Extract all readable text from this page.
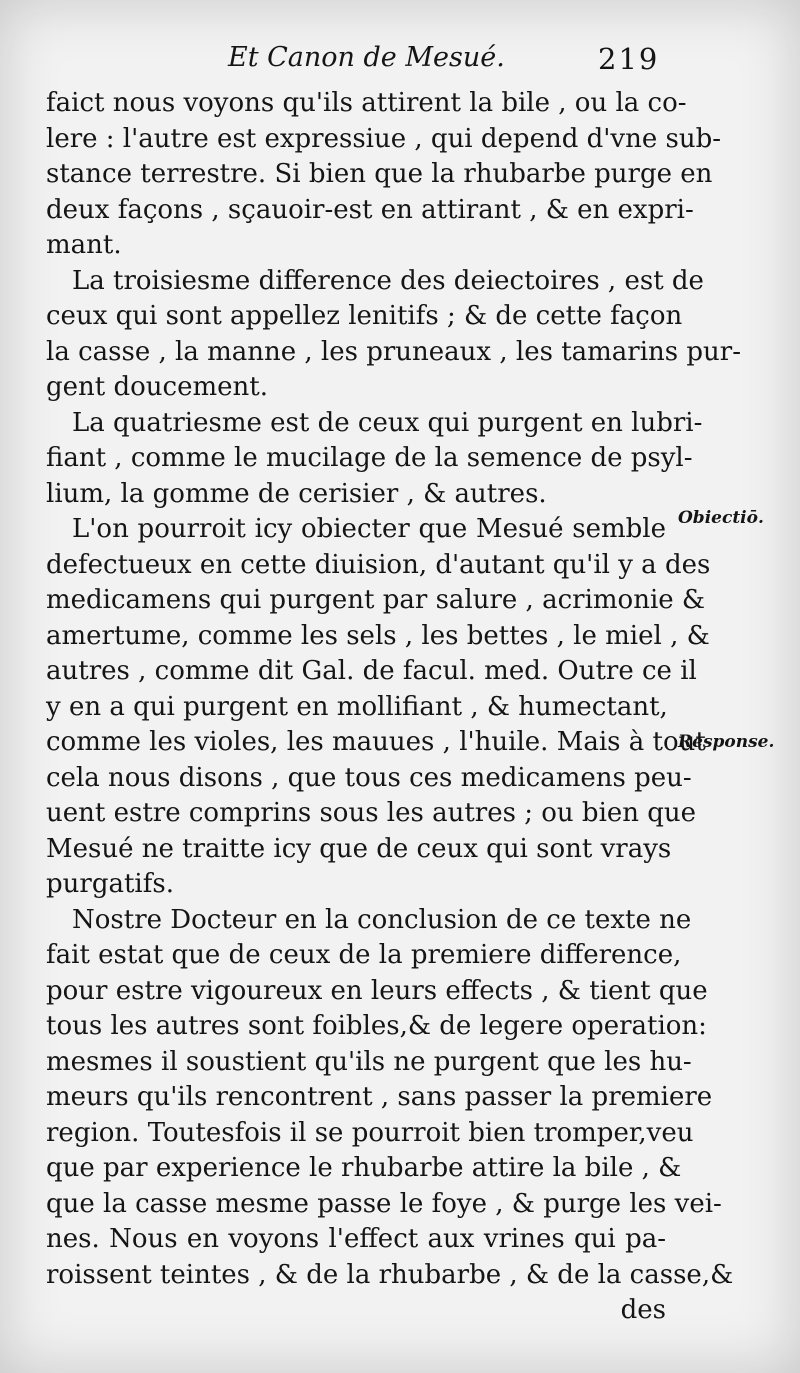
Et Canon de Mesué.	219
faict nous voyons qu'ils attirent la bile , ou la co-
lere : l'autre est expressiue , qui depend d'vne sub-
stance terrestre. Si bien que la rhubarbe purge en
deux façons , sçauoir-est en attirant , & en expri-
mant.
La troisiesme difference des deiectoires , est de
ceux qui sont appellez lenitifs ; & de cette façon
la casse , la manne , les pruneaux , les tamarins pur-
gent doucement.
La quatriesme est de ceux qui purgent en lubri-
fiant , comme le mucilage de la semence de psyl-
lium, la gomme de cerisier , & autres.
L'on pourroit icy obiecter que Mesué semble
defectueux en cette diuision, d'autant qu'il y a des
medicamens qui purgent par salure , acrimonie &
amertume, comme les sels , les bettes , le miel , &
autres , comme dit Gal. de facul. med. Outre ce il
y en a qui purgent en mollifiant , & humectant,
comme les violes, les mauues , l'huile. Mais à tout
cela nous disons , que tous ces medicamens peu-
uent estre comprins sous les autres ; ou bien que
Mesué ne traitte icy que de ceux qui sont vrays
purgatifs.
Nostre Docteur en la conclusion de ce texte ne
fait estat que de ceux de la premiere difference,
pour estre vigoureux en leurs effects , & tient que
tous les autres sont foibles,& de legere operation:
mesmes il soustient qu'ils ne purgent que les hu-
meurs qu'ils rencontrent , sans passer la premiere
region. Toutesfois il se pourroit bien tromper,veu
que par experience le rhubarbe attire la bile , &
que la casse mesme passe le foye , & purge les vei-
nes. Nous en voyons l'effect aux vrines qui pa-
roissent teintes , & de la rhubarbe , & de la casse,&
des
Obiectiō.
Response.
